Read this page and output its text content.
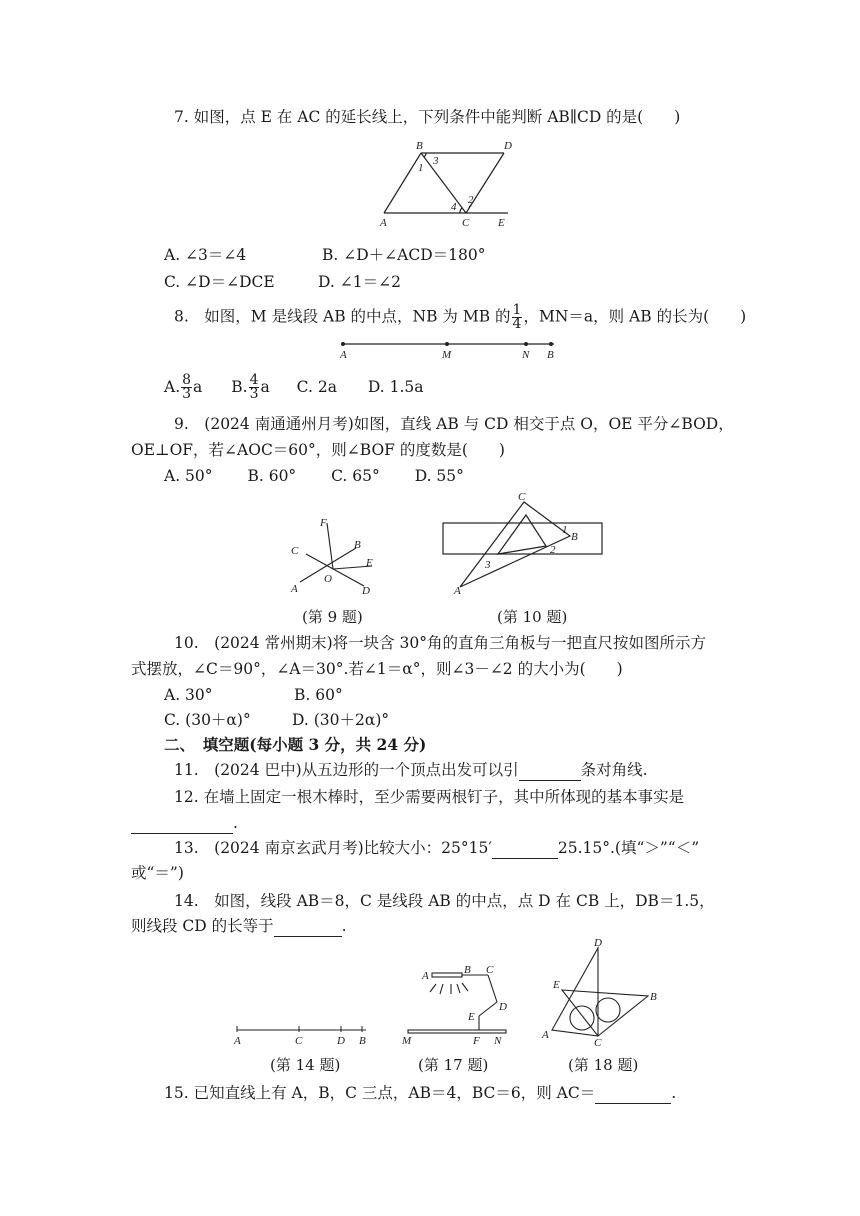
7. 如图，点 E 在 AC 的延长线上，下列条件中能判断 AB∥CD 的是(　　)
B	D
A	C	E
1
2
3
4
A. ∠3＝∠4	B. ∠D＋∠ACD＝180°
C. ∠D＝∠DCE	D. ∠1＝∠2
8.　如图，M 是线段 AB 的中点，NB 为 MB 的 $\frac{1}{4}$ ，MN＝a，则 AB 的长为(　　)
A	M	N B
A. $\frac{8}{3}$ a B. $\frac{4}{3}$ a C. 2a D. 1.5a
9.　(2024 南通通州月考)如图，直线 AB 与 CD 相交于点 O，OE 平分∠BOD，
OE⊥OF，若∠AOC＝60°，则∠BOF 的度数是(　　)
A. 50° B. 60° C. 65° D. 55°
F
C	B
E
A
O
D
(第 9 题)
C
B
A
1
2
3
(第 10 题)
10.　(2024 常州期末)将一块含 30°角的直角三角板与一把直尺按如图所示方
式摆放，∠C＝90°，∠A＝30°.若∠1＝α°，则∠3－∠2 的大小为(　　)
A. 30°	B. 60°
C. (30＋α)°	D. (30＋2α)°
二、　填空题(每小题 3 分，共 24 分)
11.　(2024 巴中)从五边形的一个顶点出发可以引	条对角线.
12. 在墙上固定一根木棒时，至少需要两根钉子，其中所体现的基本事实是
.
13.　(2024 南京玄武月考)比较大小：25°15′	25.15°.(填“＞”“＜”
或“＝”)
14.　如图，线段 AB＝8，C 是线段 AB 的中点，点 D 在 CB 上，DB＝1.5，
则线段 CD 的长等于	.
A	C	D B
(第 14 题)
A	B C
D
E
F
M	N
(第 17 题)
D
E
B
A
C
(第 18 题)
15. 已知直线上有 A，B，C 三点，AB＝4，BC＝6，则 AC＝	.
